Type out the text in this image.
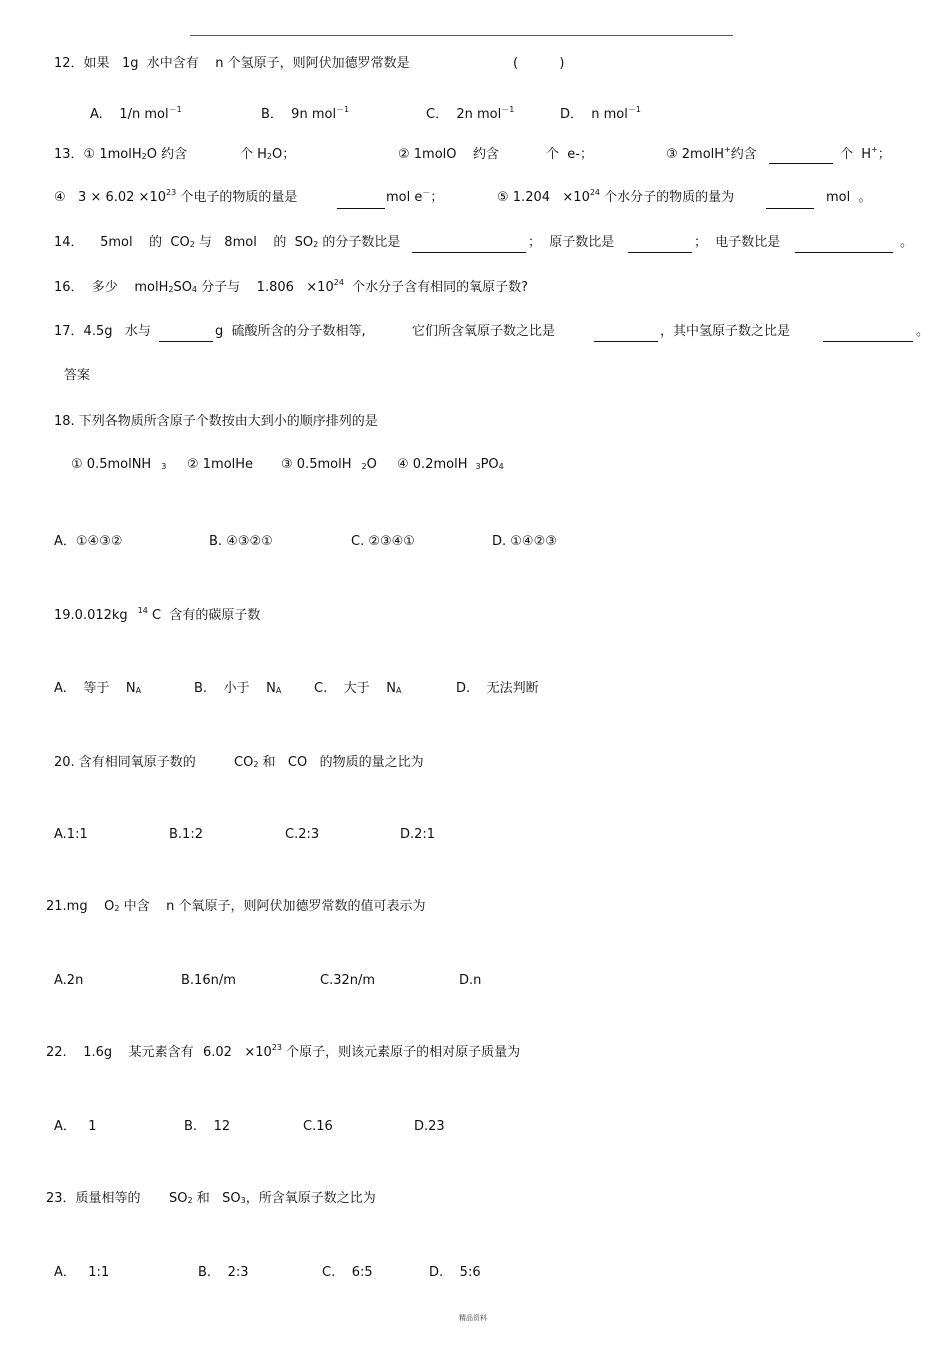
12．如果   1g  水中含有    n 个氢原子，则阿伏加德罗常数是	(          )
A.    1/n mol$^{-1}$	B．  9n mol$^{-1}$	C．  2n mol$^{-1}$	D．  n mol$^{-1}$
13．① 1molH$_2$O 约含	个 $H_2O$；	② 1molO    约含	个  e-；	③ 2molH+约含	个  H+；
④   $3 \times 6.02 \times 10^{23}$ 个电子的物质的量是	mol e－；	⑤ $1.204 \times 10^{24}$ 个水分子的物质的量为	mol  。
14．    5mol    的  $CO_2$ 与   8mol    的  $SO_2$ 的分子数比是	；  原子数比是	；  电子数比是	。
16．  多少    $molH_2SO_4$ 分子与    $1.806 \times 10^{24}$  个水分子含有相同的氧原子数?
17．4.5g   水与	g  硫酸所含的分子数相等,	它们所含氧原子数之比是	，其中氢原子数之比是	。
答案
18. 下列各物质所含原子个数按由大到小的顺序排列的是
① 0.5molNH $_3$ ② 1molHe ③ 0.5molH $_2$O ④ 0.2molH $_3PO_4$
A．①④③②	B. ④③②①	C. ②③④①	D. ①④②③
19.0.012kg $^{14}$ C  含有的碳原子数
A.    等于    $N_A$	B.    小于    $N_A$	C.    大于    $N_A$	D.    无法判断
20. 含有相同氧原子数的	$CO_2$ 和   CO   的物质的量之比为
A.1:1	B.1:2	C.2:3	D.2:1
21.mg    $O_2$ 中含    n 个氧原子，则阿伏加德罗常数的值可表示为
A.2n	B.16n/m	C.32n/m	D.n
22.    1.6g    某元素含有 $6.02 \times 10^{23}$ 个原子，则该元素原子的相对原子质量为
A．   1	B.    12	C.16	D.23
23．质量相等的 $SO_2$ 和   $SO_3$，所含氧原子数之比为
A．   1:1	B.    2:3	C.    6:5	D.    5:6
精品资料
